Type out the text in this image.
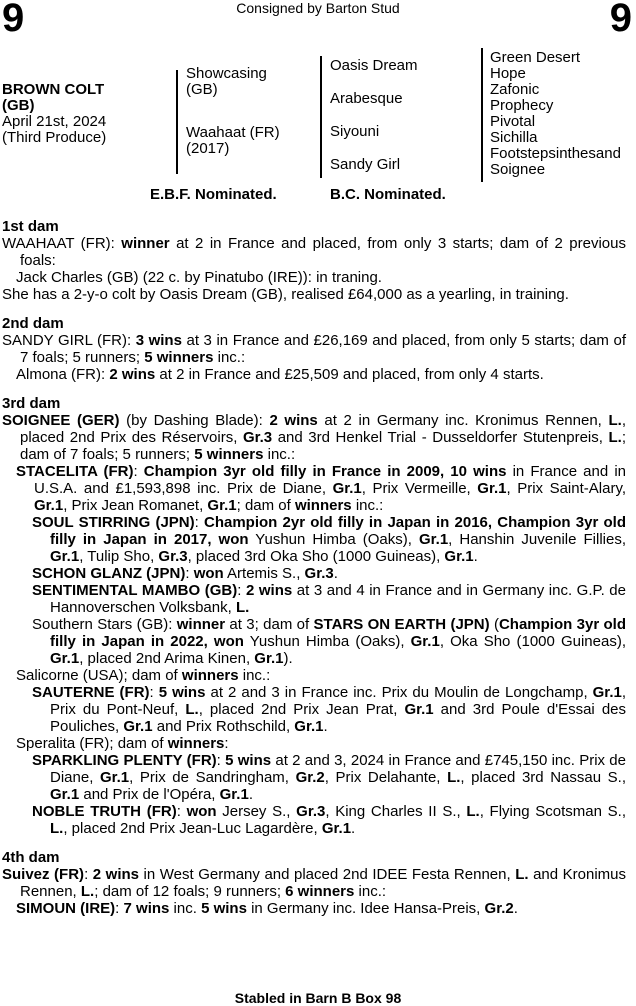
9	9
Consigned by Barton Stud
BROWN COLT
(GB)
April 21st, 2024
(Third Produce)
Showcasing
(GB)
Waahaat (FR)
(2017)
Oasis Dream
Arabesque
Siyouni
Sandy Girl
Green Desert
Hope
Zafonic
Prophecy
Pivotal
Sichilla
Footstepsinthesand
Soignee
E.B.F. Nominated.	B.C. Nominated.
1st dam
WAAHAAT (FR): winner at 2 in France and placed, from only 3 starts; dam of 2 previous foals:
Jack Charles (GB) (22 c. by Pinatubo (IRE)): in traning.
She has a 2-y-o colt by Oasis Dream (GB), realised £64,000 as a yearling, in training.
2nd dam
SANDY GIRL (FR): 3 wins at 3 in France and £26,169 and placed, from only 5 starts; dam of 7 foals; 5 runners; 5 winners inc.:
Almona (FR): 2 wins at 2 in France and £25,509 and placed, from only 4 starts.
3rd dam
SOIGNEE (GER) (by Dashing Blade): 2 wins at 2 in Germany inc. Kronimus Rennen, L., placed 2nd Prix des Réservoirs, Gr.3 and 3rd Henkel Trial - Dusseldorfer Stutenpreis, L.; dam of 7 foals; 5 runners; 5 winners inc.:
STACELITA (FR): Champion 3yr old filly in France in 2009, 10 wins in France and in U.S.A. and £1,593,898 inc. Prix de Diane, Gr.1, Prix Vermeille, Gr.1, Prix Saint-Alary, Gr.1, Prix Jean Romanet, Gr.1; dam of winners inc.:
SOUL STIRRING (JPN): Champion 2yr old filly in Japan in 2016, Champion 3yr old filly in Japan in 2017, won Yushun Himba (Oaks), Gr.1, Hanshin Juvenile Fillies, Gr.1, Tulip Sho, Gr.3, placed 3rd Oka Sho (1000 Guineas), Gr.1.
SCHON GLANZ (JPN): won Artemis S., Gr.3.
SENTIMENTAL MAMBO (GB): 2 wins at 3 and 4 in France and in Germany inc. G.P. de Hannoverschen Volksbank, L.
Southern Stars (GB): winner at 3; dam of STARS ON EARTH (JPN) (Champion 3yr old filly in Japan in 2022, won Yushun Himba (Oaks), Gr.1, Oka Sho (1000 Guineas), Gr.1, placed 2nd Arima Kinen, Gr.1).
Salicorne (USA); dam of winners inc.:
SAUTERNE (FR): 5 wins at 2 and 3 in France inc. Prix du Moulin de Longchamp, Gr.1, Prix du Pont-Neuf, L., placed 2nd Prix Jean Prat, Gr.1 and 3rd Poule d'Essai des Pouliches, Gr.1 and Prix Rothschild, Gr.1.
Speralita (FR); dam of winners:
SPARKLING PLENTY (FR): 5 wins at 2 and 3, 2024 in France and £745,150 inc. Prix de Diane, Gr.1, Prix de Sandringham, Gr.2, Prix Delahante, L., placed 3rd Nassau S., Gr.1 and Prix de l'Opéra, Gr.1.
NOBLE TRUTH (FR): won Jersey S., Gr.3, King Charles II S., L., Flying Scotsman S., L., placed 2nd Prix Jean-Luc Lagardère, Gr.1.
4th dam
Suivez (FR): 2 wins in West Germany and placed 2nd IDEE Festa Rennen, L. and Kronimus Rennen, L.; dam of 12 foals; 9 runners; 6 winners inc.:
SIMOUN (IRE): 7 wins inc. 5 wins in Germany inc. Idee Hansa-Preis, Gr.2.
Stabled in Barn B Box 98
